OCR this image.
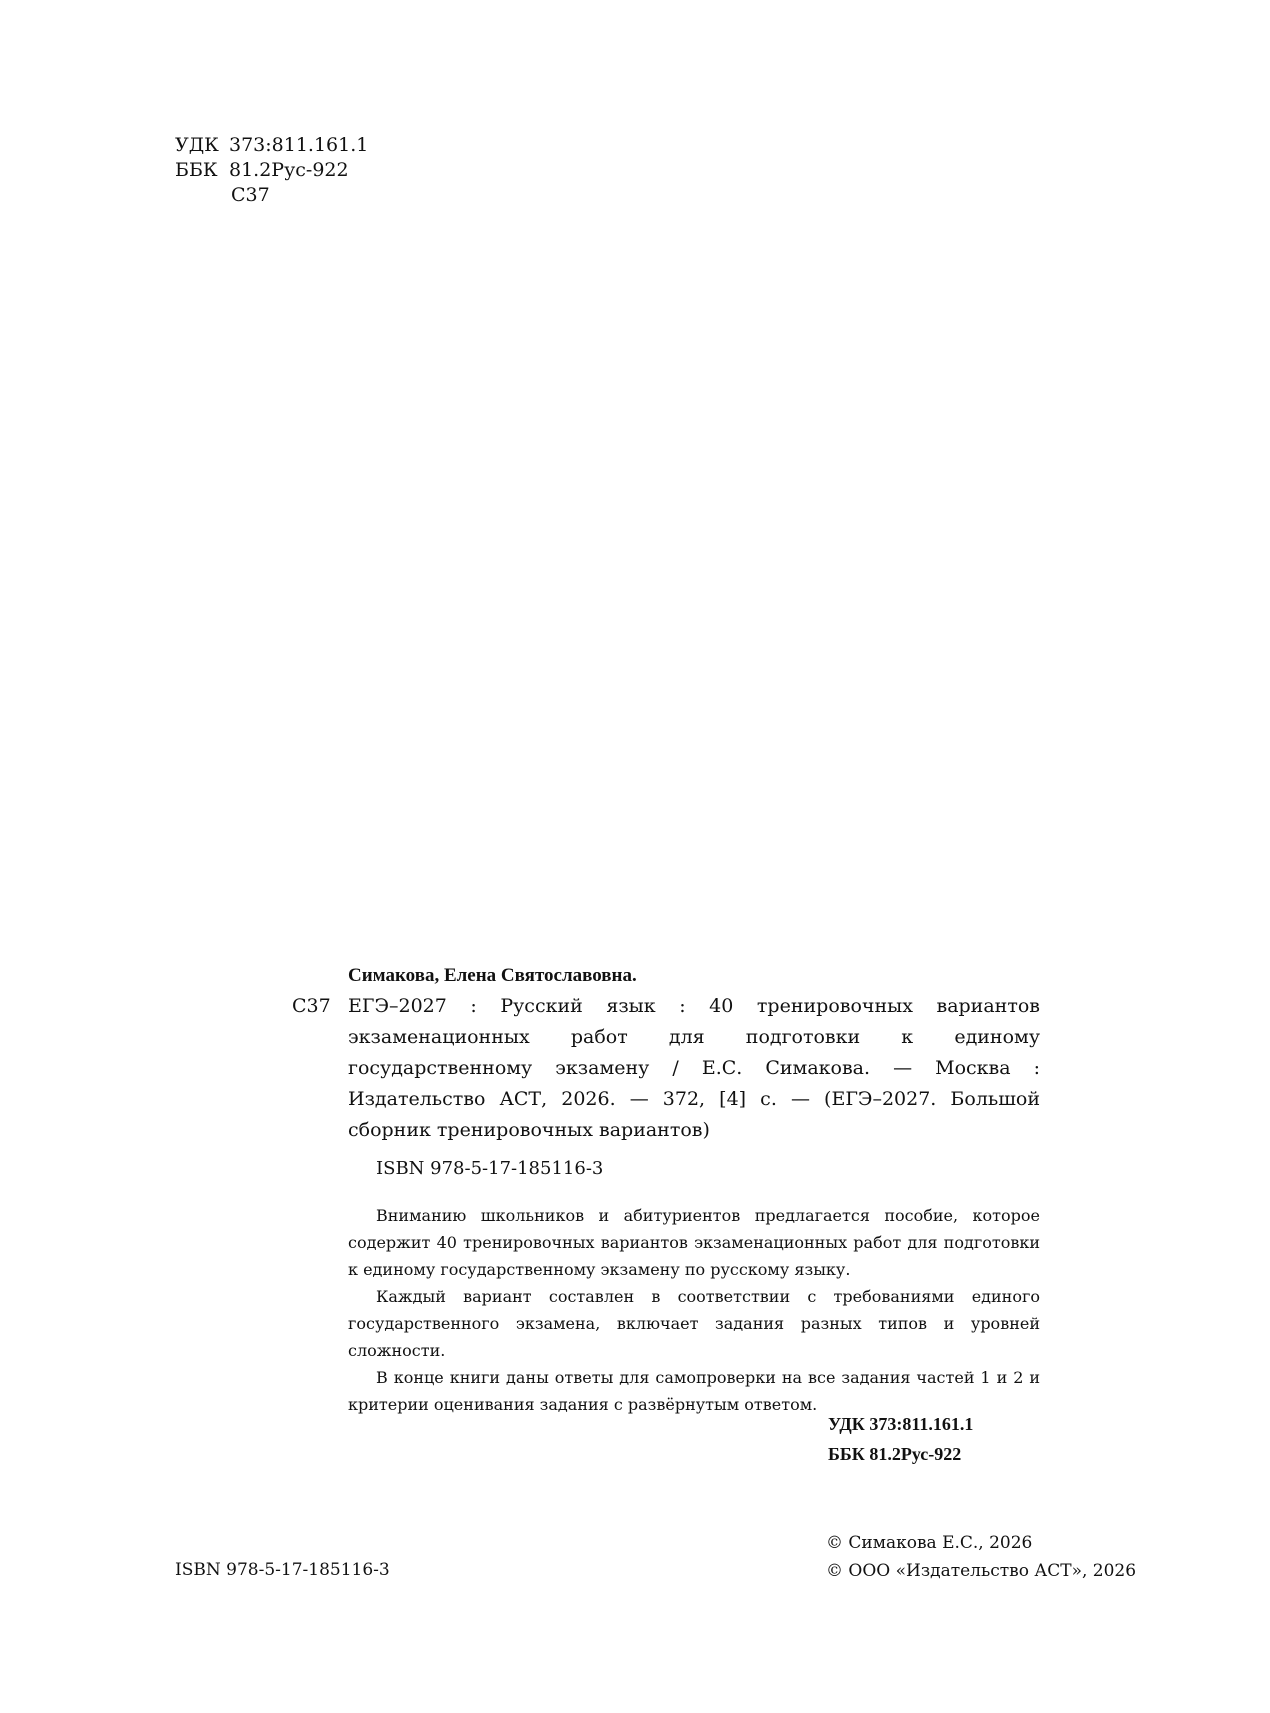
УДК 373:811.161.1
ББК 81.2Рус-922
С37
Симакова, Елена Святославовна.
С37 ЕГЭ–2027 : Русский язык : 40 тренировочных вариантов экзаменационных работ для подготовки к единому государственному экзамену / Е.С. Симакова. — Москва : Издательство АСТ, 2026. — 372, [4] с. — (ЕГЭ–2027. Большой сборник тренировочных вариантов)
ISBN 978-5-17-185116-3

Вниманию школьников и абитуриентов предлагается пособие, которое содержит 40 тренировочных вариантов экзаменационных работ для подготовки к единому государственному экзамену по русскому языку.

Каждый вариант составлен в соответствии с требованиями единого государственного экзамена, включает задания разных типов и уровней сложности.

В конце книги даны ответы для самопроверки на все задания частей 1 и 2 и критерии оценивания задания с развёрнутым ответом.

УДК 373:811.161.1
ББК 81.2Рус-922
© Симакова Е.С., 2026
© ООО «Издательство АСТ», 2026
ISBN 978-5-17-185116-3
